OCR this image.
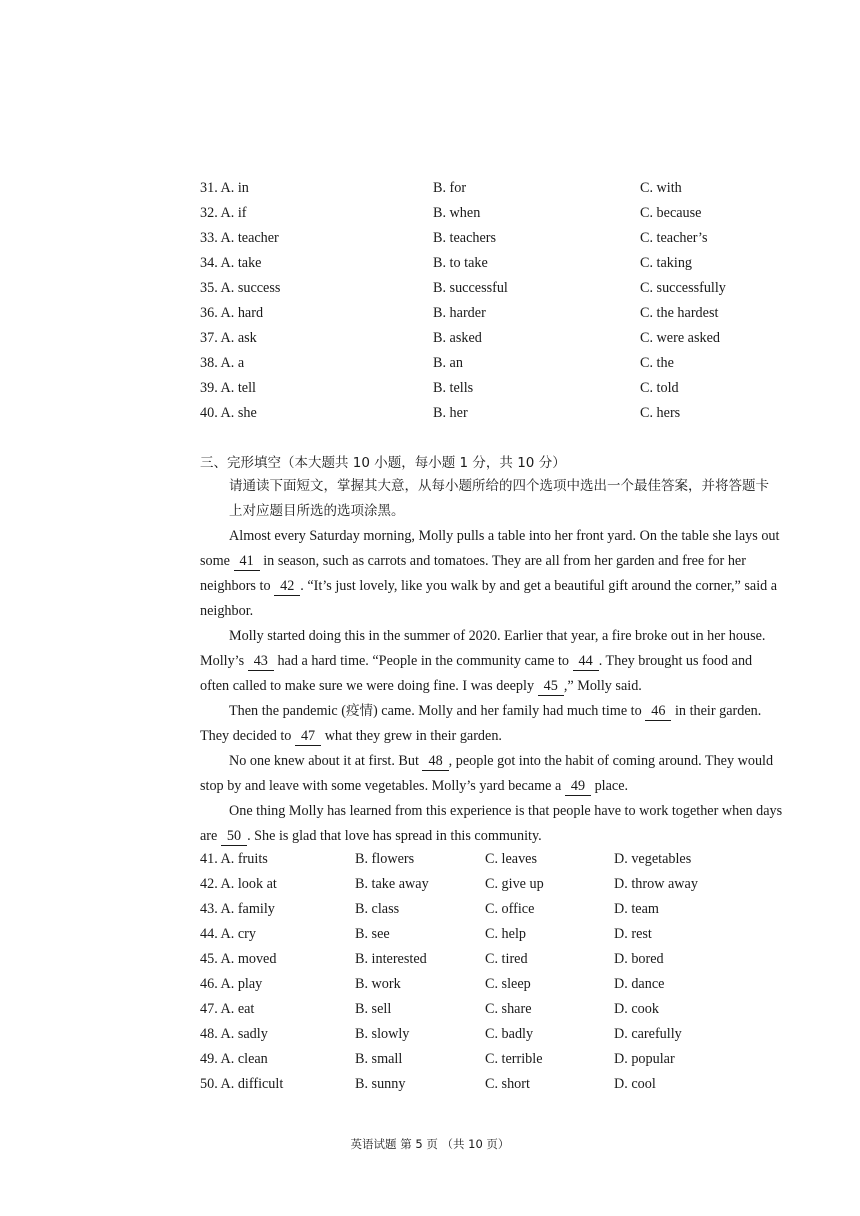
31. A. in	B. for	C. with
32. A. if	B. when	C. because
33. A. teacher	B. teachers	C. teacher’s
34. A. take	B. to take	C. taking
35. A. success	B. successful	C. successfully
36. A. hard	B. harder	C. the hardest
37. A. ask	B. asked	C. were asked
38. A. a	B. an	C. the
39. A. tell	B. tells	C. told
40. A. she	B. her	C. hers
三、完形填空（本大题共 10 小题，每小题 1 分，共 10 分）
请通读下面短文，掌握其大意，从每小题所给的四个选项中选出一个最佳答案，并将答题卡
上对应题目所选的选项涂黑。
Almost every Saturday morning, Molly pulls a table into her front yard. On the table she lays out
some 41 in season, such as carrots and tomatoes. They are all from her garden and free for her
neighbors to 42 . “It’s just lovely, like you walk by and get a beautiful gift around the corner,” said a
neighbor.
Molly started doing this in the summer of 2020. Earlier that year, a fire broke out in her house.
Molly’s 43 had a hard time. “People in the community came to 44 . They brought us food and
often called to make sure we were doing fine. I was deeply 45 ,” Molly said.
Then the pandemic (疫情) came. Molly and her family had much time to 46 in their garden.
They decided to 47 what they grew in their garden.
No one knew about it at first. But 48 , people got into the habit of coming around. They would
stop by and leave with some vegetables. Molly’s yard became a 49 place.
One thing Molly has learned from this experience is that people have to work together when days
are 50 . She is glad that love has spread in this community.
41. A. fruits	B. flowers	C. leaves	D. vegetables
42. A. look at	B. take away	C. give up	D. throw away
43. A. family	B. class	C. office	D. team
44. A. cry	B. see	C. help	D. rest
45. A. moved	B. interested	C. tired	D. bored
46. A. play	B. work	C. sleep	D. dance
47. A. eat	B. sell	C. share	D. cook
48. A. sadly	B. slowly	C. badly	D. carefully
49. A. clean	B. small	C. terrible	D. popular
50. A. difficult	B. sunny	C. short	D. cool
英语试题 第 5 页 （共 10 页）
